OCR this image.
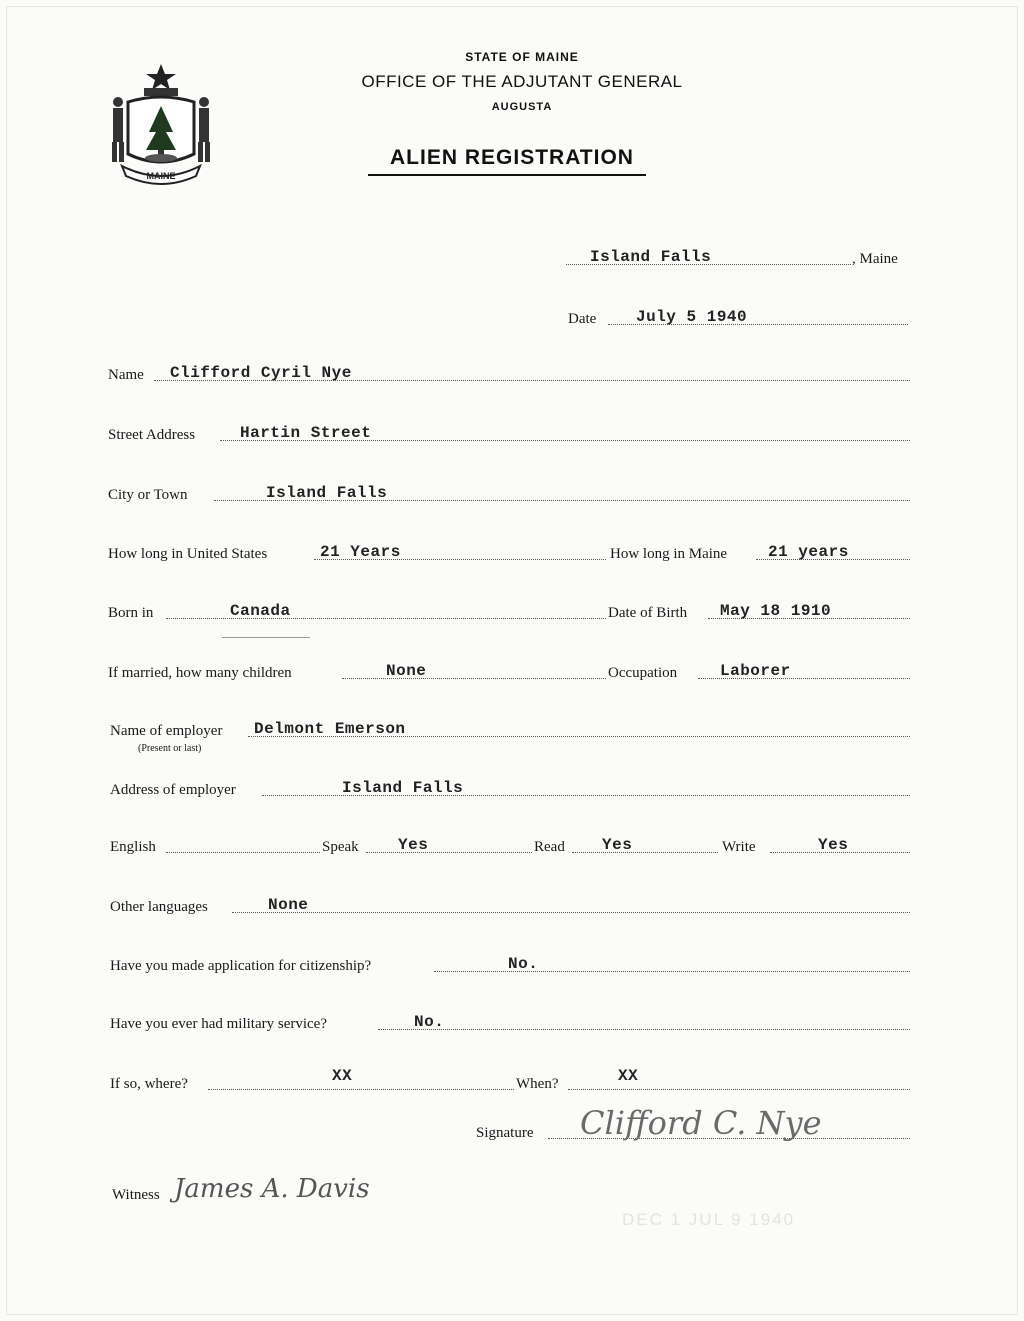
MAINE
STATE OF MAINE
OFFICE OF THE ADJUTANT GENERAL
AUGUSTA
ALIEN REGISTRATION
Island Falls	, Maine
Date July 5 1940
Name Clifford Cyril Nye
Street Address	Hartin Street
City or Town	Island Falls
How long in United States	21 Years	How long in Maine	21 years
Born in	Canada	Date of Birth May 18 1910
If married, how many children	None	Occupation	Laborer
Name of employer
(Present or last)
Delmont Emerson
Address of employer	Island Falls
English	Speak Yes	Read Yes	Write	Yes
Other languages	None
Have you made application for citizenship?	No.
Have you ever had military service?	No.
If so, where?	XX	When?	XX
Signature Clifford C. Nye
Witness James A. Davis
DEC 1 JUL 9 1940
